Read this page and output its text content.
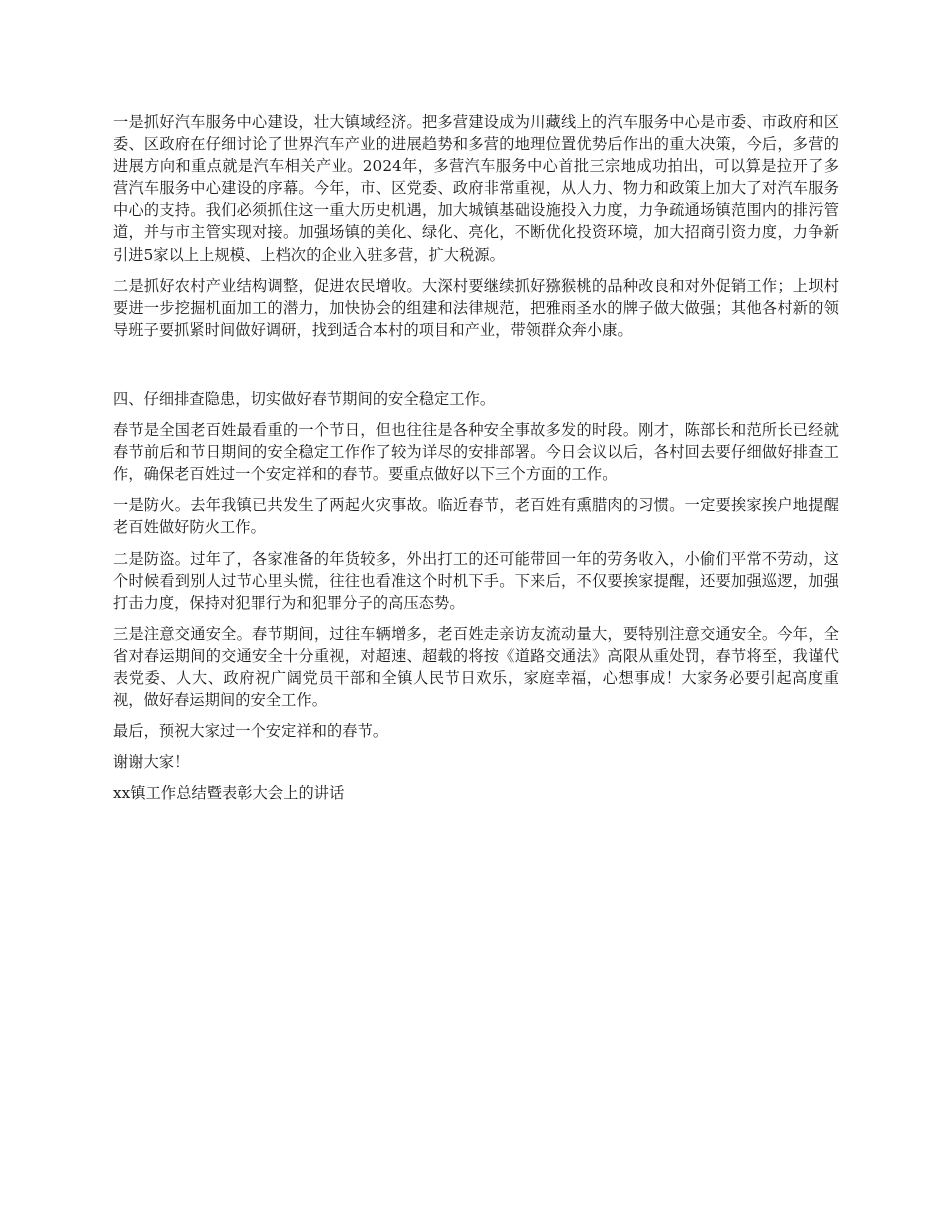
一是抓好汽车服务中心建设，壮大镇域经济。把多营建设成为川藏线上的汽车服务中心是市委、市政府和区委、区政府在仔细讨论了世界汽车产业的进展趋势和多营的地理位置优势后作出的重大决策，今后，多营的进展方向和重点就是汽车相关产业。2024年，多营汽车服务中心首批三宗地成功拍出，可以算是拉开了多营汽车服务中心建设的序幕。今年，市、区党委、政府非常重视，从人力、物力和政策上加大了对汽车服务中心的支持。我们必须抓住这一重大历史机遇，加大城镇基础设施投入力度，力争疏通场镇范围内的排污管道，并与市主管实现对接。加强场镇的美化、绿化、亮化，不断优化投资环境，加大招商引资力度，力争新引进5家以上上规模、上档次的企业入驻多营，扩大税源。

二是抓好农村产业结构调整，促进农民增收。大深村要继续抓好猕猴桃的品种改良和对外促销工作；上坝村要进一步挖掘机面加工的潜力，加快协会的组建和法律规范，把雅雨圣水的牌子做大做强；其他各村新的领导班子要抓紧时间做好调研，找到适合本村的项目和产业，带领群众奔小康。

四、仔细排查隐患，切实做好春节期间的安全稳定工作。

春节是全国老百姓最看重的一个节日，但也往往是各种安全事故多发的时段。刚才，陈部长和范所长已经就春节前后和节日期间的安全稳定工作作了较为详尽的安排部署。今日会议以后，各村回去要仔细做好排查工作，确保老百姓过一个安定祥和的春节。要重点做好以下三个方面的工作。

一是防火。去年我镇已共发生了两起火灾事故。临近春节，老百姓有熏腊肉的习惯。一定要挨家挨户地提醒老百姓做好防火工作。

二是防盗。过年了，各家准备的年货较多，外出打工的还可能带回一年的劳务收入，小偷们平常不劳动，这个时候看到别人过节心里头慌，往往也看准这个时机下手。下来后，不仅要挨家提醒，还要加强巡逻，加强打击力度，保持对犯罪行为和犯罪分子的高压态势。

三是注意交通安全。春节期间，过往车辆增多，老百姓走亲访友流动量大，要特别注意交通安全。今年，全省对春运期间的交通安全十分重视，对超速、超载的将按《道路交通法》高限从重处罚，春节将至，我谨代表党委、人大、政府祝广阔党员干部和全镇人民节日欢乐，家庭幸福，心想事成！大家务必要引起高度重视，做好春运期间的安全工作。

最后，预祝大家过一个安定祥和的春节。

谢谢大家！

xx镇工作总结暨表彰大会上的讲话
